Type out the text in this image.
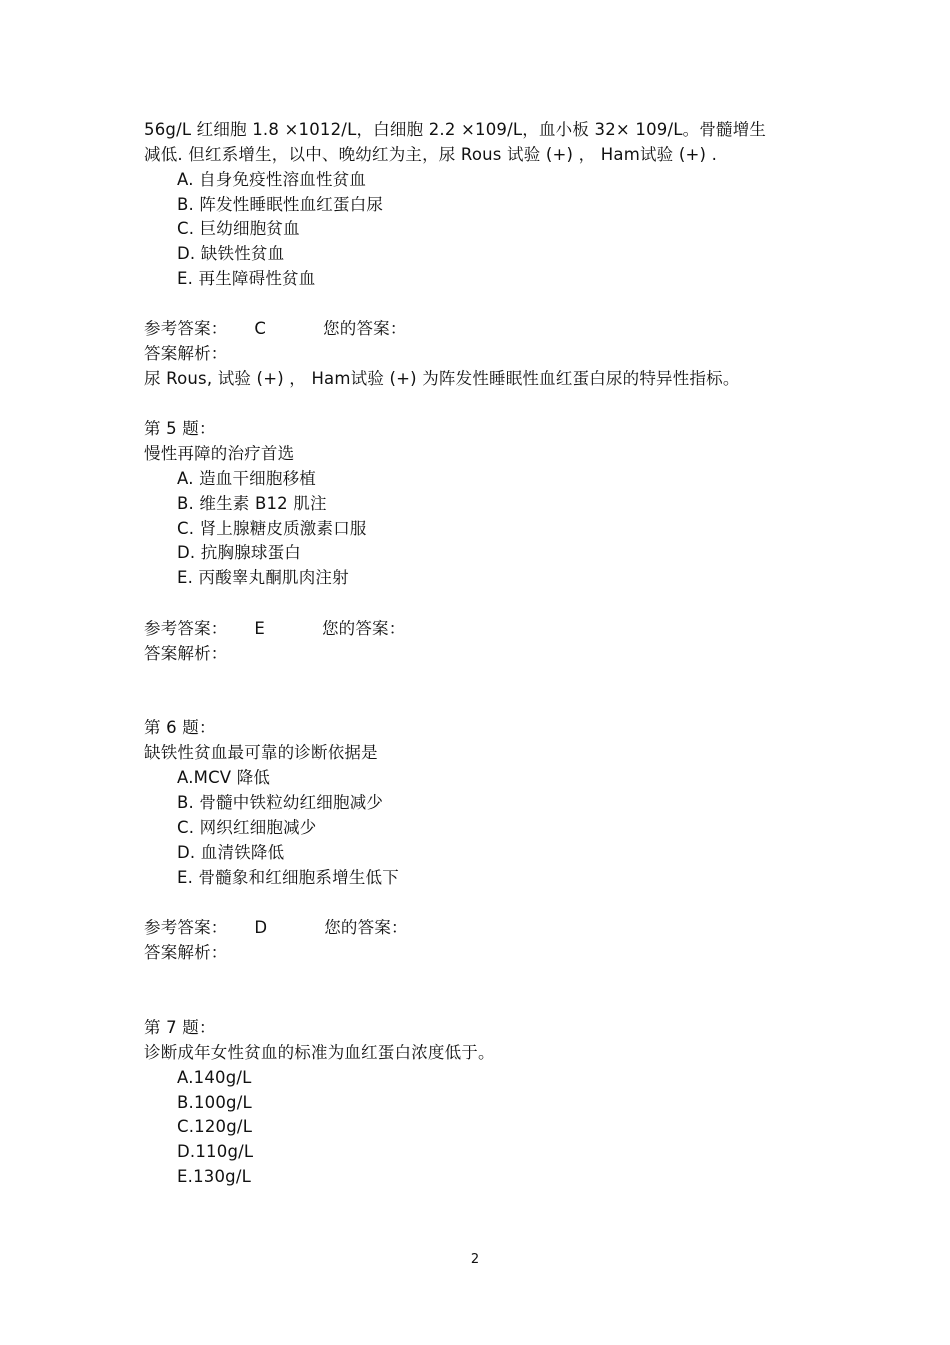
56g/L 红细胞 1.8 ×1012/L，白细胞 2.2 ×109/L，血小板 32× 109/L。骨髓增生
减低. 但红系增生，以中、晚幼红为主，尿 Rous 试验 (+) ， Ham试验 (+) .
A. 自身免疫性溶血性贫血
B. 阵发性睡眠性血红蛋白尿
C. 巨幼细胞贫血
D. 缺铁性贫血
E. 再生障碍性贫血
参考答案： C	您的答案：
答案解析：
尿 Rous, 试验 (+) ， Ham试验 (+) 为阵发性睡眠性血红蛋白尿的特异性指标。
第 5 题：
慢性再障的治疗首选
A. 造血干细胞移植
B. 维生素 B12 肌注
C. 肾上腺糖皮质激素口服
D. 抗胸腺球蛋白
E. 丙酸睾丸酮肌肉注射
参考答案： E	您的答案：
答案解析：
第 6 题：
缺铁性贫血最可靠的诊断依据是
A.MCV 降低
B. 骨髓中铁粒幼红细胞减少
C. 网织红细胞减少
D. 血清铁降低
E. 骨髓象和红细胞系增生低下
参考答案： D	您的答案：
答案解析：
第 7 题：
诊断成年女性贫血的标准为血红蛋白浓度低于。
A.140g/L
B.100g/L
C.120g/L
D.110g/L
E.130g/L
2
